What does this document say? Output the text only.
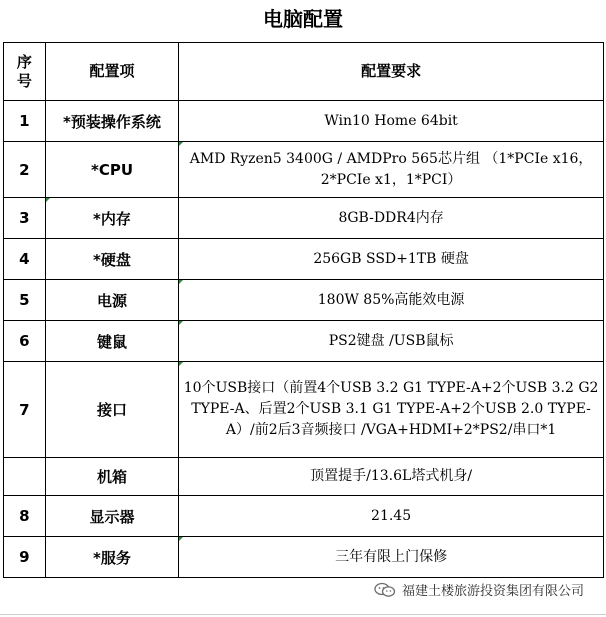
电脑配置
序
号	配置项	配置要求
1	*预装操作系统	Win10 Home 64bit
2	*CPU	AMD Ryzen5 3400G / AMDPro 565芯片组 （1*PCIe x16，2*PCIe x1，1*PCI）

3	*内存	8GB-DDR4内存
4	*硬盘	256GB SSD+1TB 硬盘
5	电源	180W 85%高能效电源

6	键鼠	PS2键盘 /USB鼠标

7	接口	10个USB接口（前置4个USB 3.2 G1 TYPE-A+2个USB 3.2 G2 TYPE-A、后置2个USB 3.1 G1 TYPE-A+2个USB 2.0 TYPE-A）/前2后3音频接口 /VGA+HDMI+2*PS2/串口*1

	机箱	顶置提手/13.6L塔式机身/
8	显示器	21.45
9	*服务	三年有限上门保修
福建土楼旅游投资集团有限公司
